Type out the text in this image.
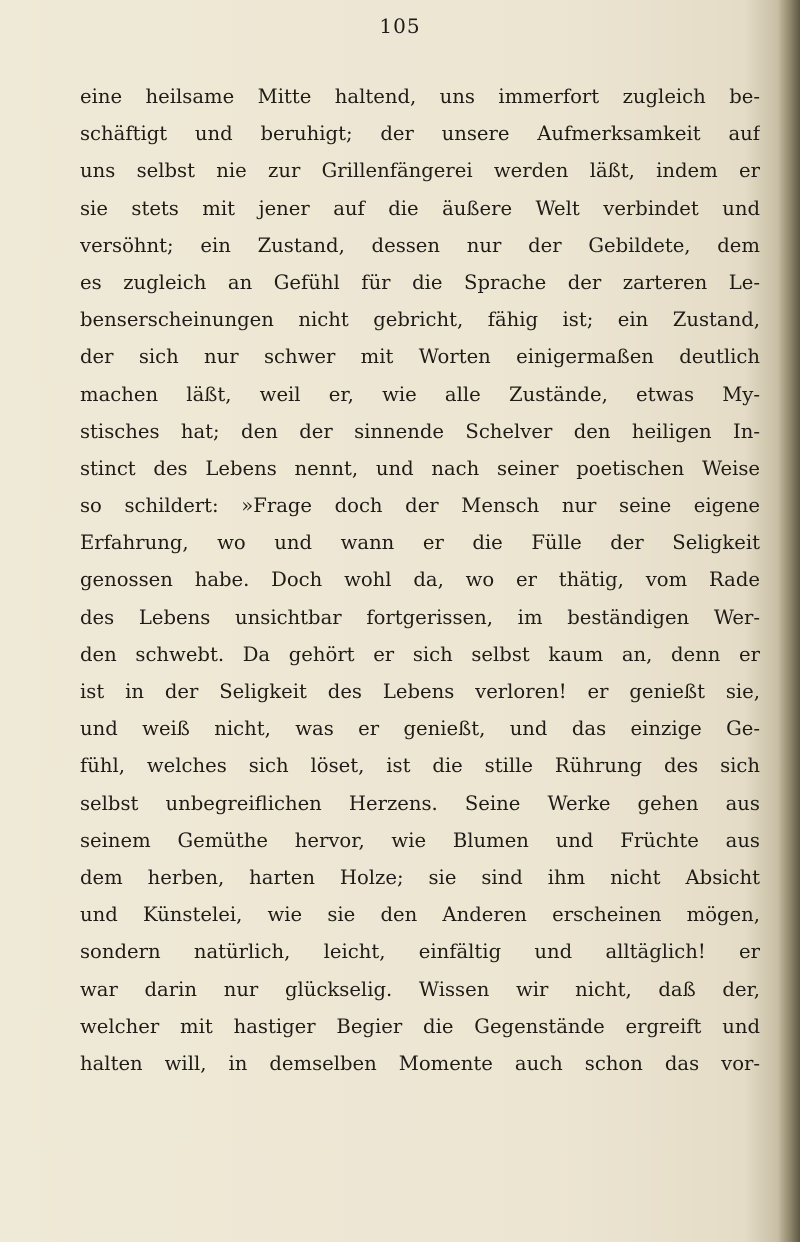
105
eine heilsame Mitte haltend, uns immerfort zugleich be-
schäftigt und beruhigt; der unsere Aufmerksamkeit auf
uns selbst nie zur Grillenfängerei werden läßt, indem er
sie stets mit jener auf die äußere Welt verbindet und
versöhnt; ein Zustand, dessen nur der Gebildete, dem
es zugleich an Gefühl für die Sprache der zarteren Le-
benserscheinungen nicht gebricht, fähig ist; ein Zustand,
der sich nur schwer mit Worten einigermaßen deutlich
machen läßt, weil er, wie alle Zustände, etwas My-
stisches hat; den der sinnende Schelver den heiligen In-
stinct des Lebens nennt, und nach seiner poetischen Weise
so schildert: »Frage doch der Mensch nur seine eigene
Erfahrung, wo und wann er die Fülle der Seligkeit
genossen habe. Doch wohl da, wo er thätig, vom Rade
des Lebens unsichtbar fortgerissen, im beständigen Wer-
den schwebt. Da gehört er sich selbst kaum an, denn er
ist in der Seligkeit des Lebens verloren! er genießt sie,
und weiß nicht, was er genießt, und das einzige Ge-
fühl, welches sich löset, ist die stille Rührung des sich
selbst unbegreiflichen Herzens. Seine Werke gehen aus
seinem Gemüthe hervor, wie Blumen und Früchte aus
dem herben, harten Holze; sie sind ihm nicht Absicht
und Künstelei, wie sie den Anderen erscheinen mögen,
sondern natürlich, leicht, einfältig und alltäglich! er
war darin nur glückselig. Wissen wir nicht, daß der,
welcher mit hastiger Begier die Gegenstände ergreift und
halten will, in demselben Momente auch schon das vor-
